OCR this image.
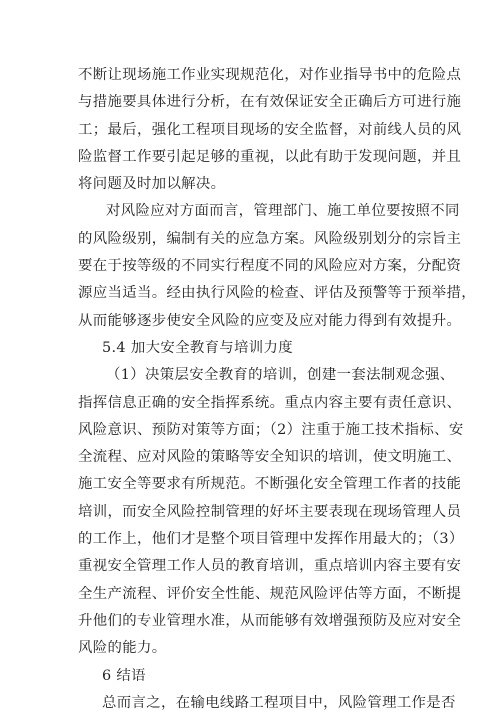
不断让现场施工作业实现规范化，对作业指导书中的危险点
与措施要具体进行分析，在有效保证安全正确后方可进行施
工；最后，强化工程项目现场的安全监督，对前线人员的风
险监督工作要引起足够的重视，以此有助于发现问题，并且
将问题及时加以解决。
对风险应对方面而言，管理部门、施工单位要按照不同
的风险级别，编制有关的应急方案。风险级别划分的宗旨主
要在于按等级的不同实行程度不同的风险应对方案，分配资
源应当适当。经由执行风险的检查、评估及预警等于预举措，
从而能够逐步使安全风险的应变及应对能力得到有效提升。
5.4 加大安全教育与培训力度
（1）决策层安全教育的培训，创建一套法制观念强、
指挥信息正确的安全指挥系统。重点内容主要有责任意识、
风险意识、预防对策等方面；（2）注重于施工技术指标、安
全流程、应对风险的策略等安全知识的培训，使文明施工、
施工安全等要求有所规范。不断强化安全管理工作者的技能
培训，而安全风险控制管理的好坏主要表现在现场管理人员
的工作上，他们才是整个项目管理中发挥作用最大的；（3）
重视安全管理工作人员的教育培训，重点培训内容主要有安
全生产流程、评价安全性能、规范风险评估等方面，不断提
升他们的专业管理水准，从而能够有效增强预防及应对安全
风险的能力。
6 结语
总而言之，在输电线路工程项目中，风险管理工作是否
